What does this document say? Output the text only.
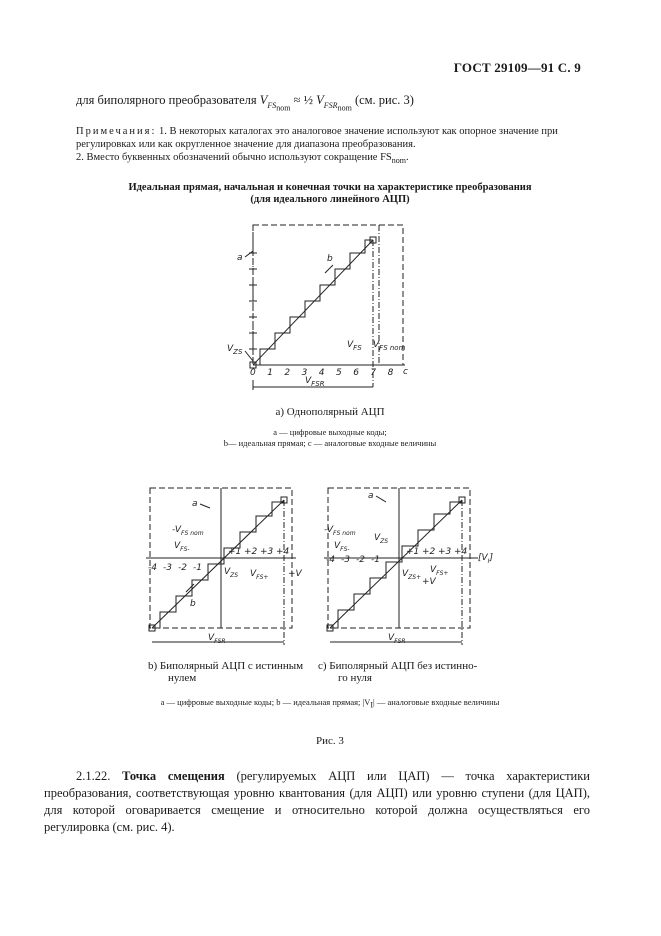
ГОСТ 29109—91 С. 9
для биполярного преобразователя $V_{FS_{nom}}$ ≈ ½ $V_{FSR_{nom}}$ (см. рис. 3)
Примечания: 1. В некоторых каталогах это аналоговое значение используют как опорное значение при регулировках или как округленное значение для диапазона преобразования.
2. Вместо буквенных обозначений обычно используют сокращение $FS_{nom}$.
Идеальная прямая, начальная и конечная точки на характеристике преобразования
(для идеального линейного АЦП)
a	b
$V_{ZS}$
$V_{FS}$ $V_{FS nom}$
0 1 2 3 4 5 6 7 8 c
$V_{FSR}$
а) Однополярный АЦП
а — цифровые выходные коды;
b— идеальная прямая; с — аналоговые входные величины
a
b
$-V_{FS nom}$
$V_{FS-}$
$V_{ZS}$ $V_{FS+} +V$
-4 -3 -2 -1
+1 +2 +3 +4
$V_{FSR}$
a
$-V_{FS nom}$
$V_{FS-}$
$V_{ZS}$
$V_{ZS+}$
$V_{FS+}$
+V
$[V_I]$
-4 -3 -2 -1
+1 +2 +3 +4
$V_{FSR}$
b) Биполярный АЦП с истинным
нулем
c) Биполярный АЦП без истинно-
го нуля
а — цифровые выходные коды; b — идеальная прямая; $|V_I|$ — аналоговые входные величины
Рис. 3
2.1.22. Точка смещения (регулируемых АЦП или ЦАП) — точка характеристики преобразования, соответствующая уровню квантования (для АЦП) или уровню ступени (для ЦАП), для которой оговаривается смещение и относительно которой должна осуществляться его регулировка (см. рис. 4).
